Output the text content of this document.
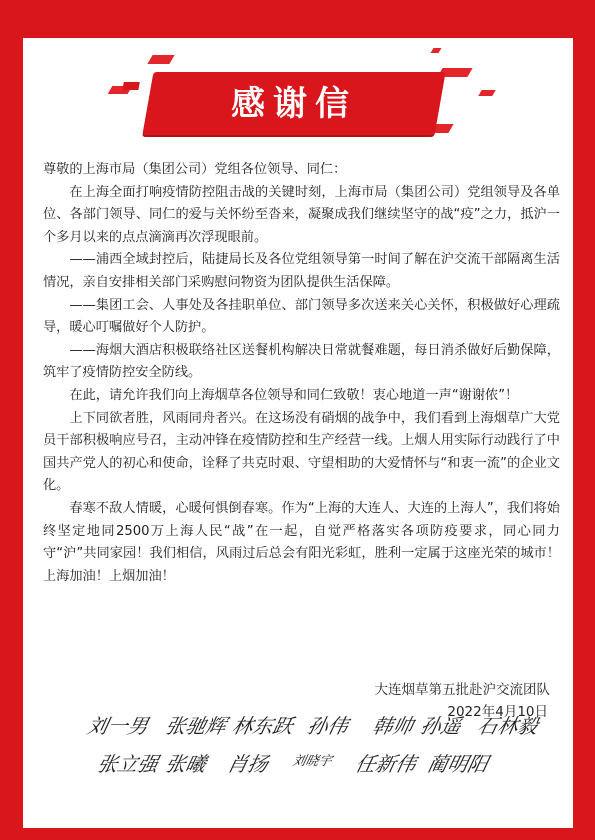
感谢信

尊敬的上海市局（集团公司）党组各位领导、同仁：

在上海全面打响疫情防控阻击战的关键时刻，上海市局（集团公司）党组领导及各单位、各部门领导、同仁的爱与关怀纷至沓来，凝聚成我们继续坚守的战“疫”之力，抵沪一个多月以来的点点滴滴再次浮现眼前。

——浦西全域封控后，陆捷局长及各位党组领导第一时间了解在沪交流干部隔离生活情况，亲自安排相关部门采购慰问物资为团队提供生活保障。

——集团工会、人事处及各挂职单位、部门领导多次送来关心关怀，积极做好心理疏导，暖心叮嘱做好个人防护。

——海烟大酒店积极联络社区送餐机构解决日常就餐难题，每日消杀做好后勤保障，筑牢了疫情防控安全防线。

在此，请允许我们向上海烟草各位领导和同仁致敬！衷心地道一声“谢谢侬”！

上下同欲者胜，风雨同舟者兴。在这场没有硝烟的战争中，我们看到上海烟草广大党员干部积极响应号召，主动冲锋在疫情防控和生产经营一线。上烟人用实际行动践行了中国共产党人的初心和使命，诠释了共克时艰、守望相助的大爱情怀与“和衷一流”的企业文化。

春寒不敌人情暖，心暖何惧倒春寒。作为“上海的大连人、大连的上海人”，我们将始终坚定地同2500万上海人民“战”在一起，自觉严格落实各项防疫要求，同心同力守“沪”共同家园！我们相信，风雨过后总会有阳光彩虹，胜利一定属于这座光荣的城市！上海加油！上烟加油！

大连烟草第五批赴沪交流团队
2022年4月10日
刘一男 张驰辉 林东跃 孙伟 韩帅 孙遥 石林毅
张立强 张曦 肖扬 刘晓宇 任新伟 蔺明阳
